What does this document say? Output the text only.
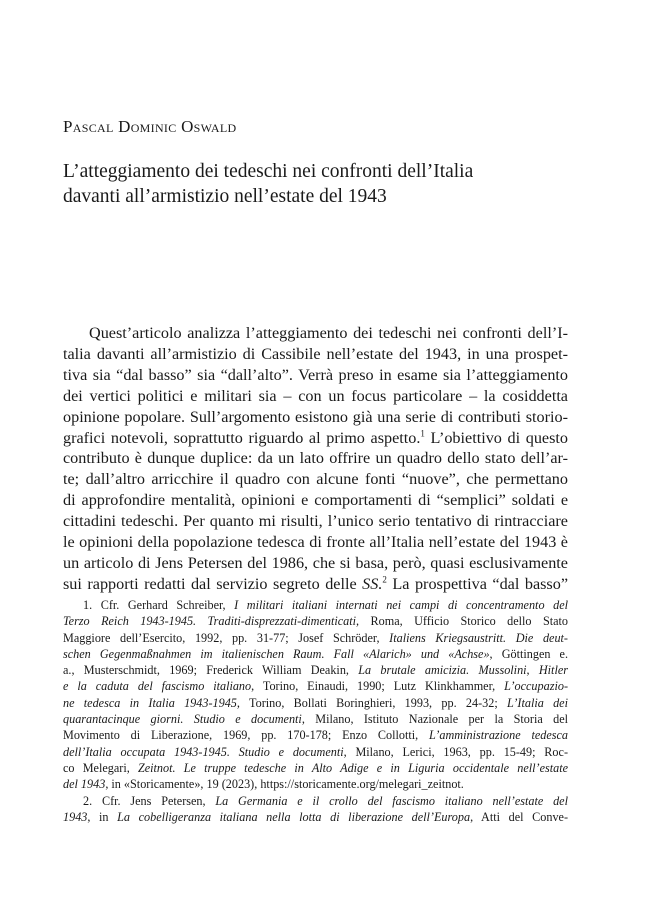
Pascal Dominic Oswald
L’atteggiamento dei tedeschi nei confronti dell’Italia
davanti all’armistizio nell’estate del 1943
Quest’articolo analizza l’atteggiamento dei tedeschi nei confronti dell’I-
talia davanti all’armistizio di Cassibile nell’estate del 1943, in una prospet-
tiva sia “dal basso” sia “dall’alto”. Verrà preso in esame sia l’atteggiamento
dei vertici politici e militari sia – con un focus particolare – la cosiddetta
opinione popolare. Sull’argomento esistono già una serie di contributi storio-
grafici notevoli, soprattutto riguardo al primo aspetto.$^1$ L’obiettivo di questo
contributo è dunque duplice: da un lato offrire un quadro dello stato dell’ar-
te; dall’altro arricchire il quadro con alcune fonti “nuove”, che permettano
di approfondire mentalità, opinioni e comportamenti di “semplici” soldati e
cittadini tedeschi. Per quanto mi risulti, l’unico serio tentativo di rintracciare
le opinioni della popolazione tedesca di fronte all’Italia nell’estate del 1943 è
un articolo di Jens Petersen del 1986, che si basa, però, quasi esclusivamente
sui rapporti redatti dal servizio segreto delle SS.$^2$ La prospettiva “dal basso”
1. Cfr. Gerhard Schreiber, I militari italiani internati nei campi di concentramento del
Terzo Reich 1943-1945. Traditi-disprezzati-dimenticati, Roma, Ufficio Storico dello Stato
Maggiore dell’Esercito, 1992, pp. 31-77; Josef Schröder, Italiens Kriegsaustritt. Die deut-
schen Gegenmaßnahmen im italienischen Raum. Fall «Alarich» und «Achse», Göttingen e.
a., Musterschmidt, 1969; Frederick William Deakin, La brutale amicizia. Mussolini, Hitler
e la caduta del fascismo italiano, Torino, Einaudi, 1990; Lutz Klinkhammer, L’occupazio-
ne tedesca in Italia 1943-1945, Torino, Bollati Boringhieri, 1993, pp. 24-32; L’Italia dei
quarantacinque giorni. Studio e documenti, Milano, Istituto Nazionale per la Storia del
Movimento di Liberazione, 1969, pp. 170-178; Enzo Collotti, L’amministrazione tedesca
dell’Italia occupata 1943-1945. Studio e documenti, Milano, Lerici, 1963, pp. 15-49; Roc-
co Melegari, Zeitnot. Le truppe tedesche in Alto Adige e in Liguria occidentale nell’estate
del 1943, in «Storicamente», 19 (2023), https://storicamente.org/melegari_zeitnot.
2. Cfr. Jens Petersen, La Germania e il crollo del fascismo italiano nell’estate del
1943, in La cobelligeranza italiana nella lotta di liberazione dell’Europa, Atti del Conve-
